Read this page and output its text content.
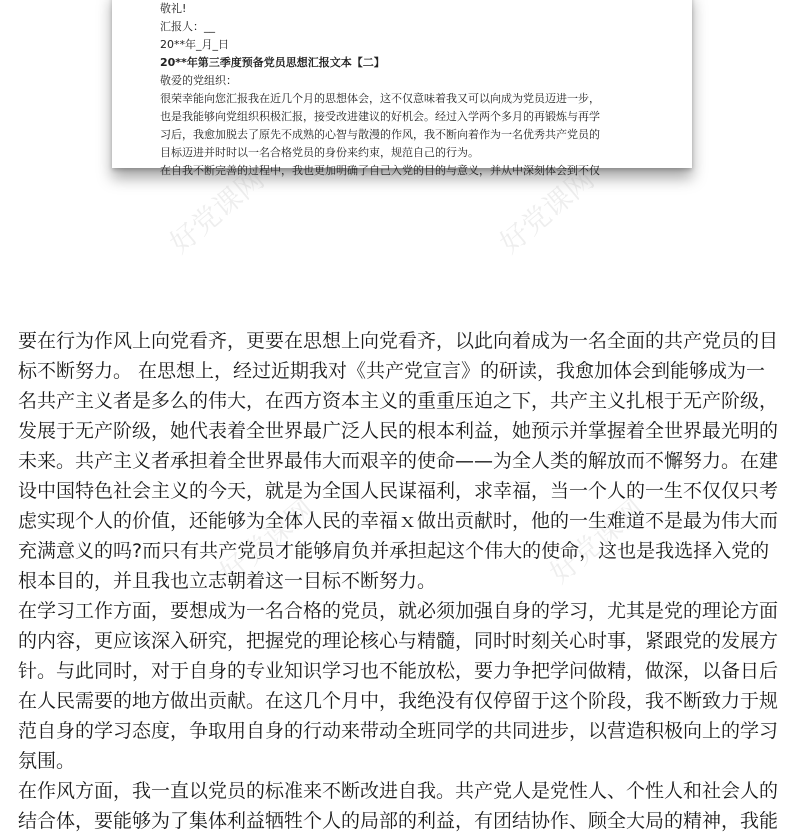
敬礼!
汇报人：__
20**年_月_日
20**年第三季度预备党员思想汇报文本【二】
敬爱的党组织：
很荣幸能向您汇报我在近几个月的思想体会，这不仅意味着我又可以向成为党员迈进一步，
也是我能够向党组织积极汇报，接受改进建议的好机会。经过入学两个多月的再锻炼与再学
习后，我愈加脱去了原先不成熟的心智与散漫的作风，我不断向着作为一名优秀共产党员的
目标迈进并时时以一名合格党员的身份来约束，规范自己的行为。
在自我不断完善的过程中，我也更加明确了自己入党的目的与意义，并从中深刻体会到不仅
好党课网	好党课网
要在行为作风上向党看齐，更要在思想上向党看齐，以此向着成为一名全面的共产党员的目
标不断努力。 在思想上，经过近期我对《共产党宣言》的研读，我愈加体会到能够成为一
名共产主义者是多么的伟大，在西方资本主义的重重压迫之下，共产主义扎根于无产阶级，
发展于无产阶级，她代表着全世界最广泛人民的根本利益，她预示并掌握着全世界最光明的
未来。共产主义者承担着全世界最伟大而艰辛的使命——为全人类的解放而不懈努力。在建
设中国特色社会主义的今天，就是为全国人民谋福利，求幸福，当一个人的一生不仅仅只考
虑实现个人的价值，还能够为全体人民的幸福ｘ做出贡献时，他的一生难道不是最为伟大而
充满意义的吗?而只有共产党员才能够肩负并承担起这个伟大的使命，这也是我选择入党的
根本目的，并且我也立志朝着这一目标不断努力。
在学习工作方面，要想成为一名合格的党员，就必须加强自身的学习，尤其是党的理论方面
的内容，更应该深入研究，把握党的理论核心与精髓，同时时刻关心时事，紧跟党的发展方
针。与此同时，对于自身的专业知识学习也不能放松，要力争把学问做精，做深，以备日后
在人民需要的地方做出贡献。在这几个月中，我绝没有仅停留于这个阶段，我不断致力于规
范自身的学习态度，争取用自身的行动来带动全班同学的共同进步，以营造积极向上的学习
氛围。
在作风方面，我一直以党员的标准来不断改进自我。共产党人是党性人、个性人和社会人的
结合体，要能够为了集体利益牺牲个人的局部的利益，有团结协作、顾全大局的精神，我能
